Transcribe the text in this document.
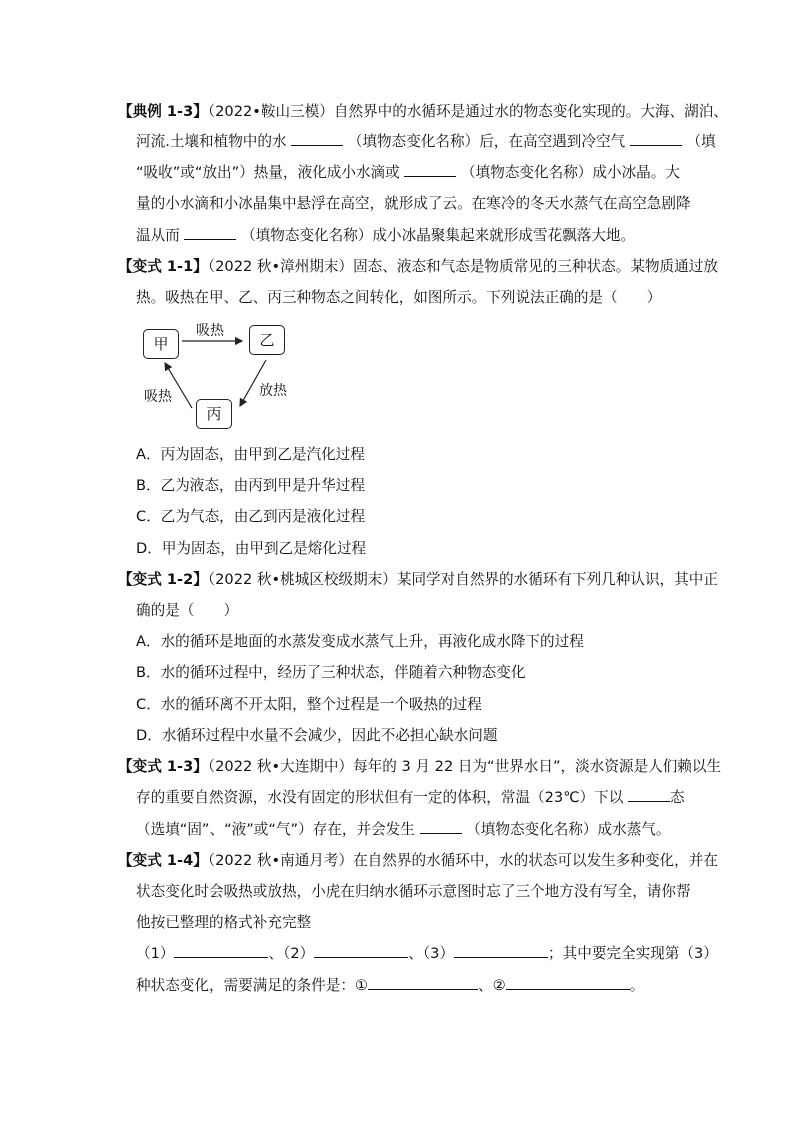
【典例 1-3】（2022•鞍山三模）自然界中的水循环是通过水的物态变化实现的。大海、湖泊、
河流.土壤和植物中的水	（填物态变化名称）后，在高空遇到冷空气	（填
“吸收”或“放出”）热量，液化成小水滴或	（填物态变化名称）成小冰晶。大
量的小水滴和小冰晶集中悬浮在高空，就形成了云。在寒冷的冬天水蒸气在高空急剧降
温从而	（填物态变化名称）成小冰晶聚集起来就形成雪花飘落大地。
【变式 1-1】（2022 秋•漳州期末）固态、液态和气态是物质常见的三种状态。某物质通过放
热。吸热在甲、乙、丙三种物态之间转化，如图所示。下列说法正确的是（　　）
甲	乙
丙
吸热
放热
吸热
A．丙为固态，由甲到乙是汽化过程
B．乙为液态，由丙到甲是升华过程
C．乙为气态，由乙到丙是液化过程
D．甲为固态，由甲到乙是熔化过程
【变式 1-2】（2022 秋•桃城区校级期末）某同学对自然界的水循环有下列几种认识，其中正
确的是（　　）
A．水的循环是地面的水蒸发变成水蒸气上升，再液化成水降下的过程
B．水的循环过程中，经历了三种状态，伴随着六种物态变化
C．水的循环离不开太阳，整个过程是一个吸热的过程
D．水循环过程中水量不会减少，因此不必担心缺水问题
【变式 1-3】（2022 秋•大连期中）每年的 3 月 22 日为“世界水日”，淡水资源是人们赖以生
存的重要自然资源，水没有固定的形状但有一定的体积，常温（23℃）下以	态
（选填“固”、“液”或“气”）存在，并会发生	（填物态变化名称）成水蒸气。
【变式 1-4】（2022 秋•南通月考）在自然界的水循环中，水的状态可以发生多种变化，并在
状态变化时会吸热或放热，小虎在归纳水循环示意图时忘了三个地方没有写全，请你帮
他按已整理的格式补充完整
（1）	、（2）	、（3）	；其中要完全实现第（3）
种状态变化，需要满足的条件是：①	、②	。
